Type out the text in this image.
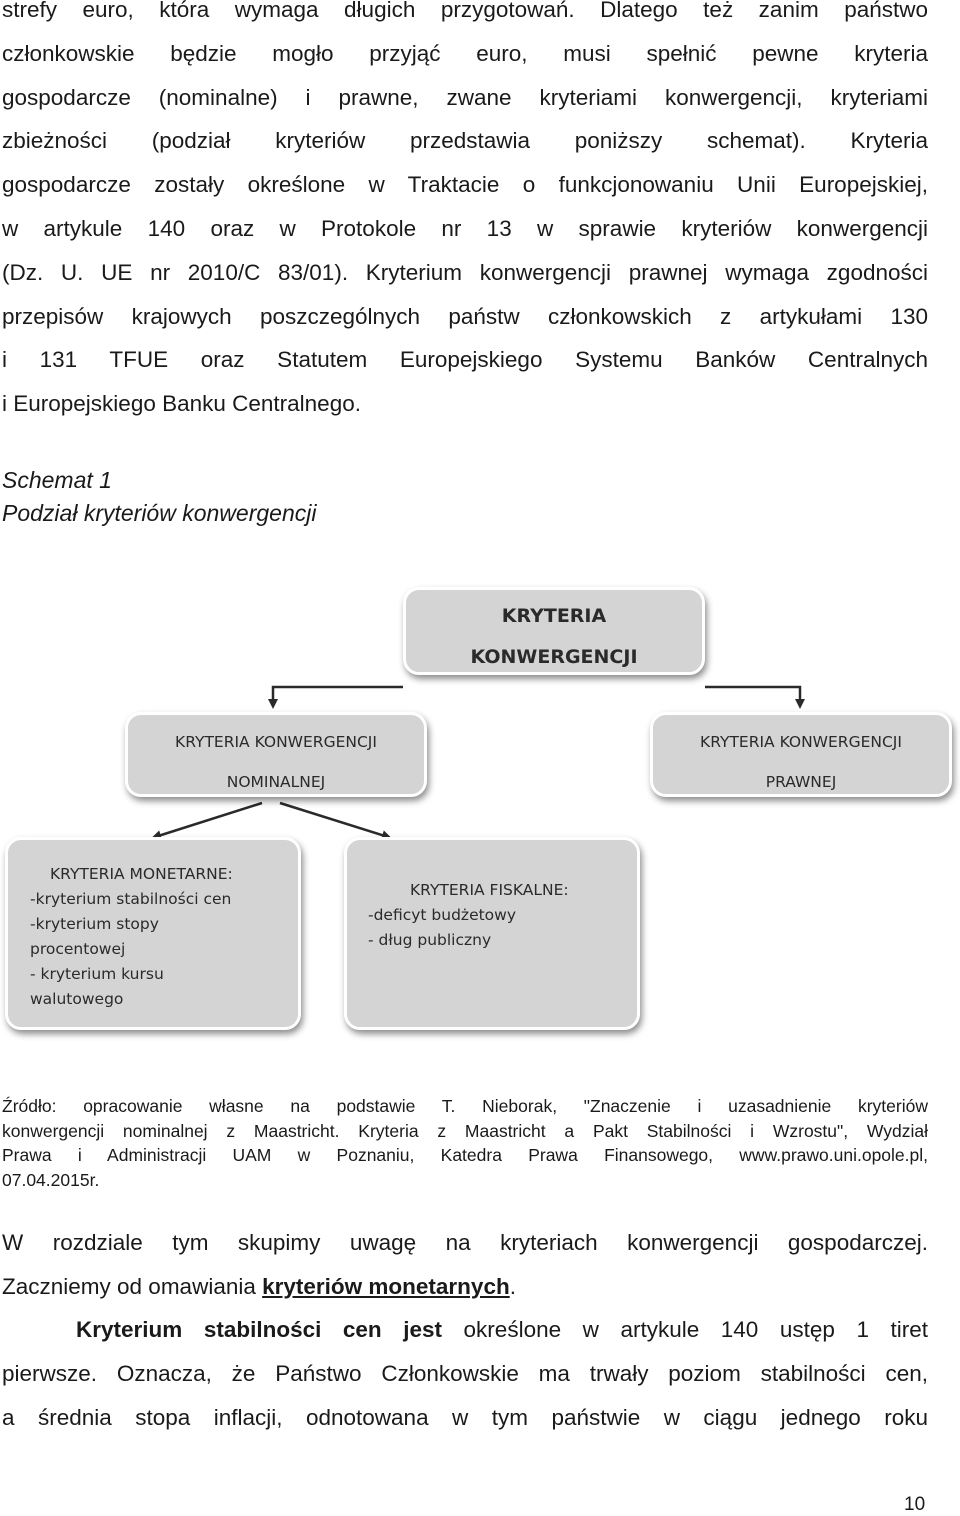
strefy euro, która wymaga długich przygotowań. Dlatego też zanim państwo
członkowskie będzie mogło przyjąć euro, musi spełnić pewne kryteria
gospodarcze (nominalne) i prawne, zwane kryteriami konwergencji, kryteriami
zbieżności (podział kryteriów przedstawia poniższy schemat). Kryteria
gospodarcze zostały określone w Traktacie o funkcjonowaniu Unii Europejskiej,
w artykule 140 oraz w Protokole nr 13 w sprawie kryteriów konwergencji
(Dz. U. UE nr 2010/C 83/01). Kryterium konwergencji prawnej wymaga zgodności
przepisów krajowych poszczególnych państw członkowskich z artykułami 130
i 131 TFUE oraz Statutem Europejskiego Systemu Banków Centralnych
i Europejskiego Banku Centralnego.
Schemat 1
Podział kryteriów konwergencji
KRYTERIA
KONWERGENCJI
KRYTERIA KONWERGENCJI
NOMINALNEJ
KRYTERIA KONWERGENCJI
PRAWNEJ
KRYTERIA MONETARNE:
-kryterium stabilności cen
-kryterium stopy
procentowej
- kryterium kursu
walutowego
KRYTERIA FISKALNE:
-deficyt budżetowy
- dług publiczny
Źródło: opracowanie własne na podstawie T. Nieborak, "Znaczenie i uzasadnienie kryteriów
konwergencji nominalnej z Maastricht. Kryteria z Maastricht a Pakt Stabilności i Wzrostu", Wydział
Prawa i Administracji UAM w Poznaniu, Katedra Prawa Finansowego, www.prawo.uni.opole.pl,
07.04.2015r.
W rozdziale tym skupimy uwagę na kryteriach konwergencji gospodarczej.
Zaczniemy od omawiania kryteriów monetarnych.
Kryterium stabilności cen jest określone w artykule 140 ustęp 1 tiret
pierwsze. Oznacza, że Państwo Członkowskie ma trwały poziom stabilności cen,
a średnia stopa inflacji, odnotowana w tym państwie w ciągu jednego roku
10
